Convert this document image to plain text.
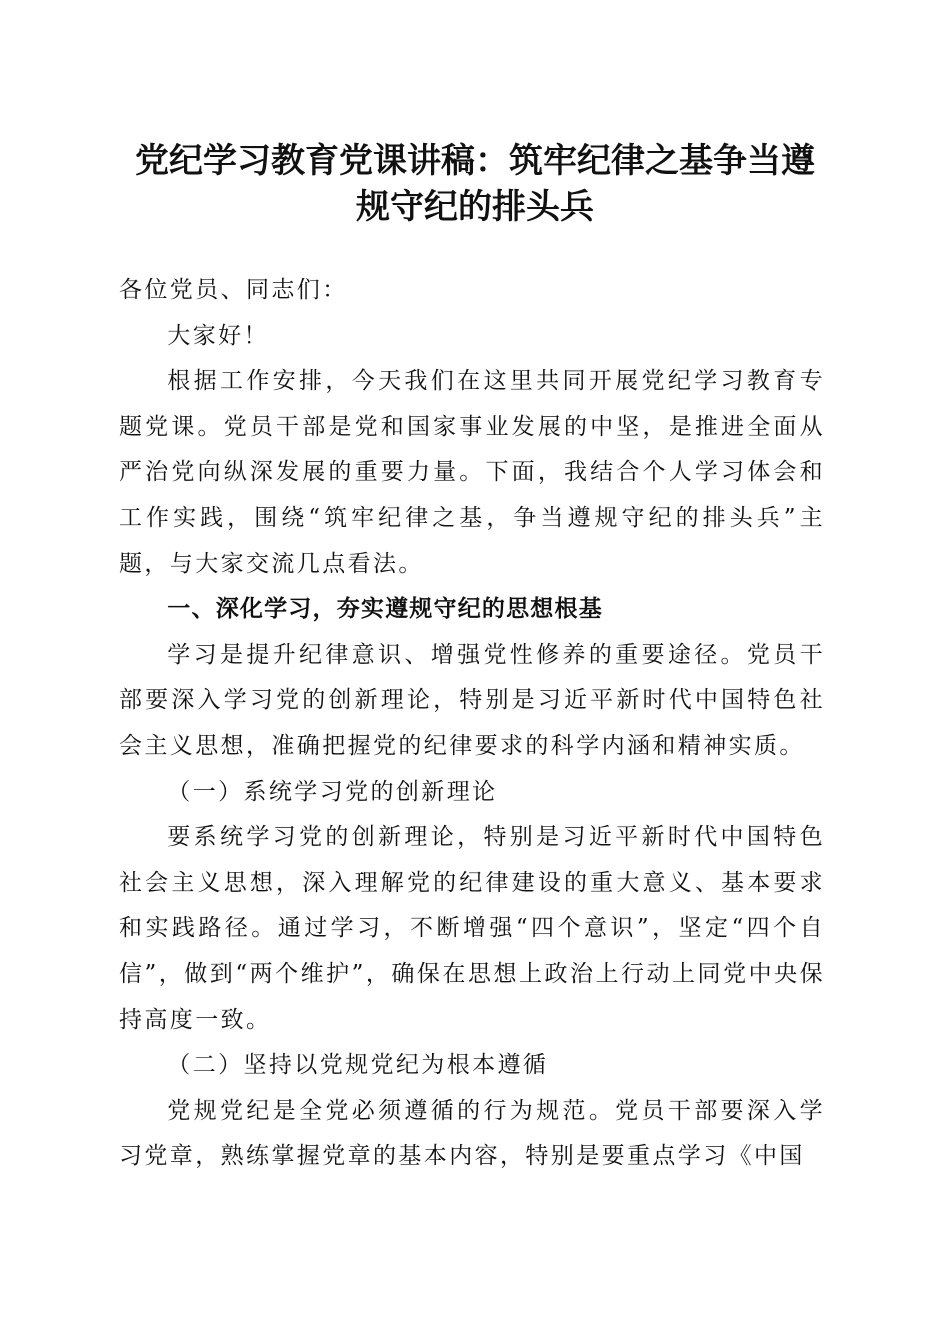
党纪学习教育党课讲稿：筑牢纪律之基争当遵
规守纪的排头兵

各位党员、同志们：

大家好！

根据工作安排，今天我们在这里共同开展党纪学习教育专题党课。党员干部是党和国家事业发展的中坚，是推进全面从严治党向纵深发展的重要力量。下面，我结合个人学习体会和工作实践，围绕“筑牢纪律之基，争当遵规守纪的排头兵”主题，与大家交流几点看法。

一、深化学习，夯实遵规守纪的思想根基

学习是提升纪律意识、增强党性修养的重要途径。党员干部要深入学习党的创新理论，特别是习近平新时代中国特色社会主义思想，准确把握党的纪律要求的科学内涵和精神实质。

（一）系统学习党的创新理论

要系统学习党的创新理论，特别是习近平新时代中国特色社会主义思想，深入理解党的纪律建设的重大意义、基本要求和实践路径。通过学习，不断增强“四个意识”，坚定“四个自信”，做到“两个维护”，确保在思想上政治上行动上同党中央保持高度一致。

（二）坚持以党规党纪为根本遵循

党规党纪是全党必须遵循的行为规范。党员干部要深入学习党章，熟练掌握党章的基本内容，特别是要重点学习《中国
